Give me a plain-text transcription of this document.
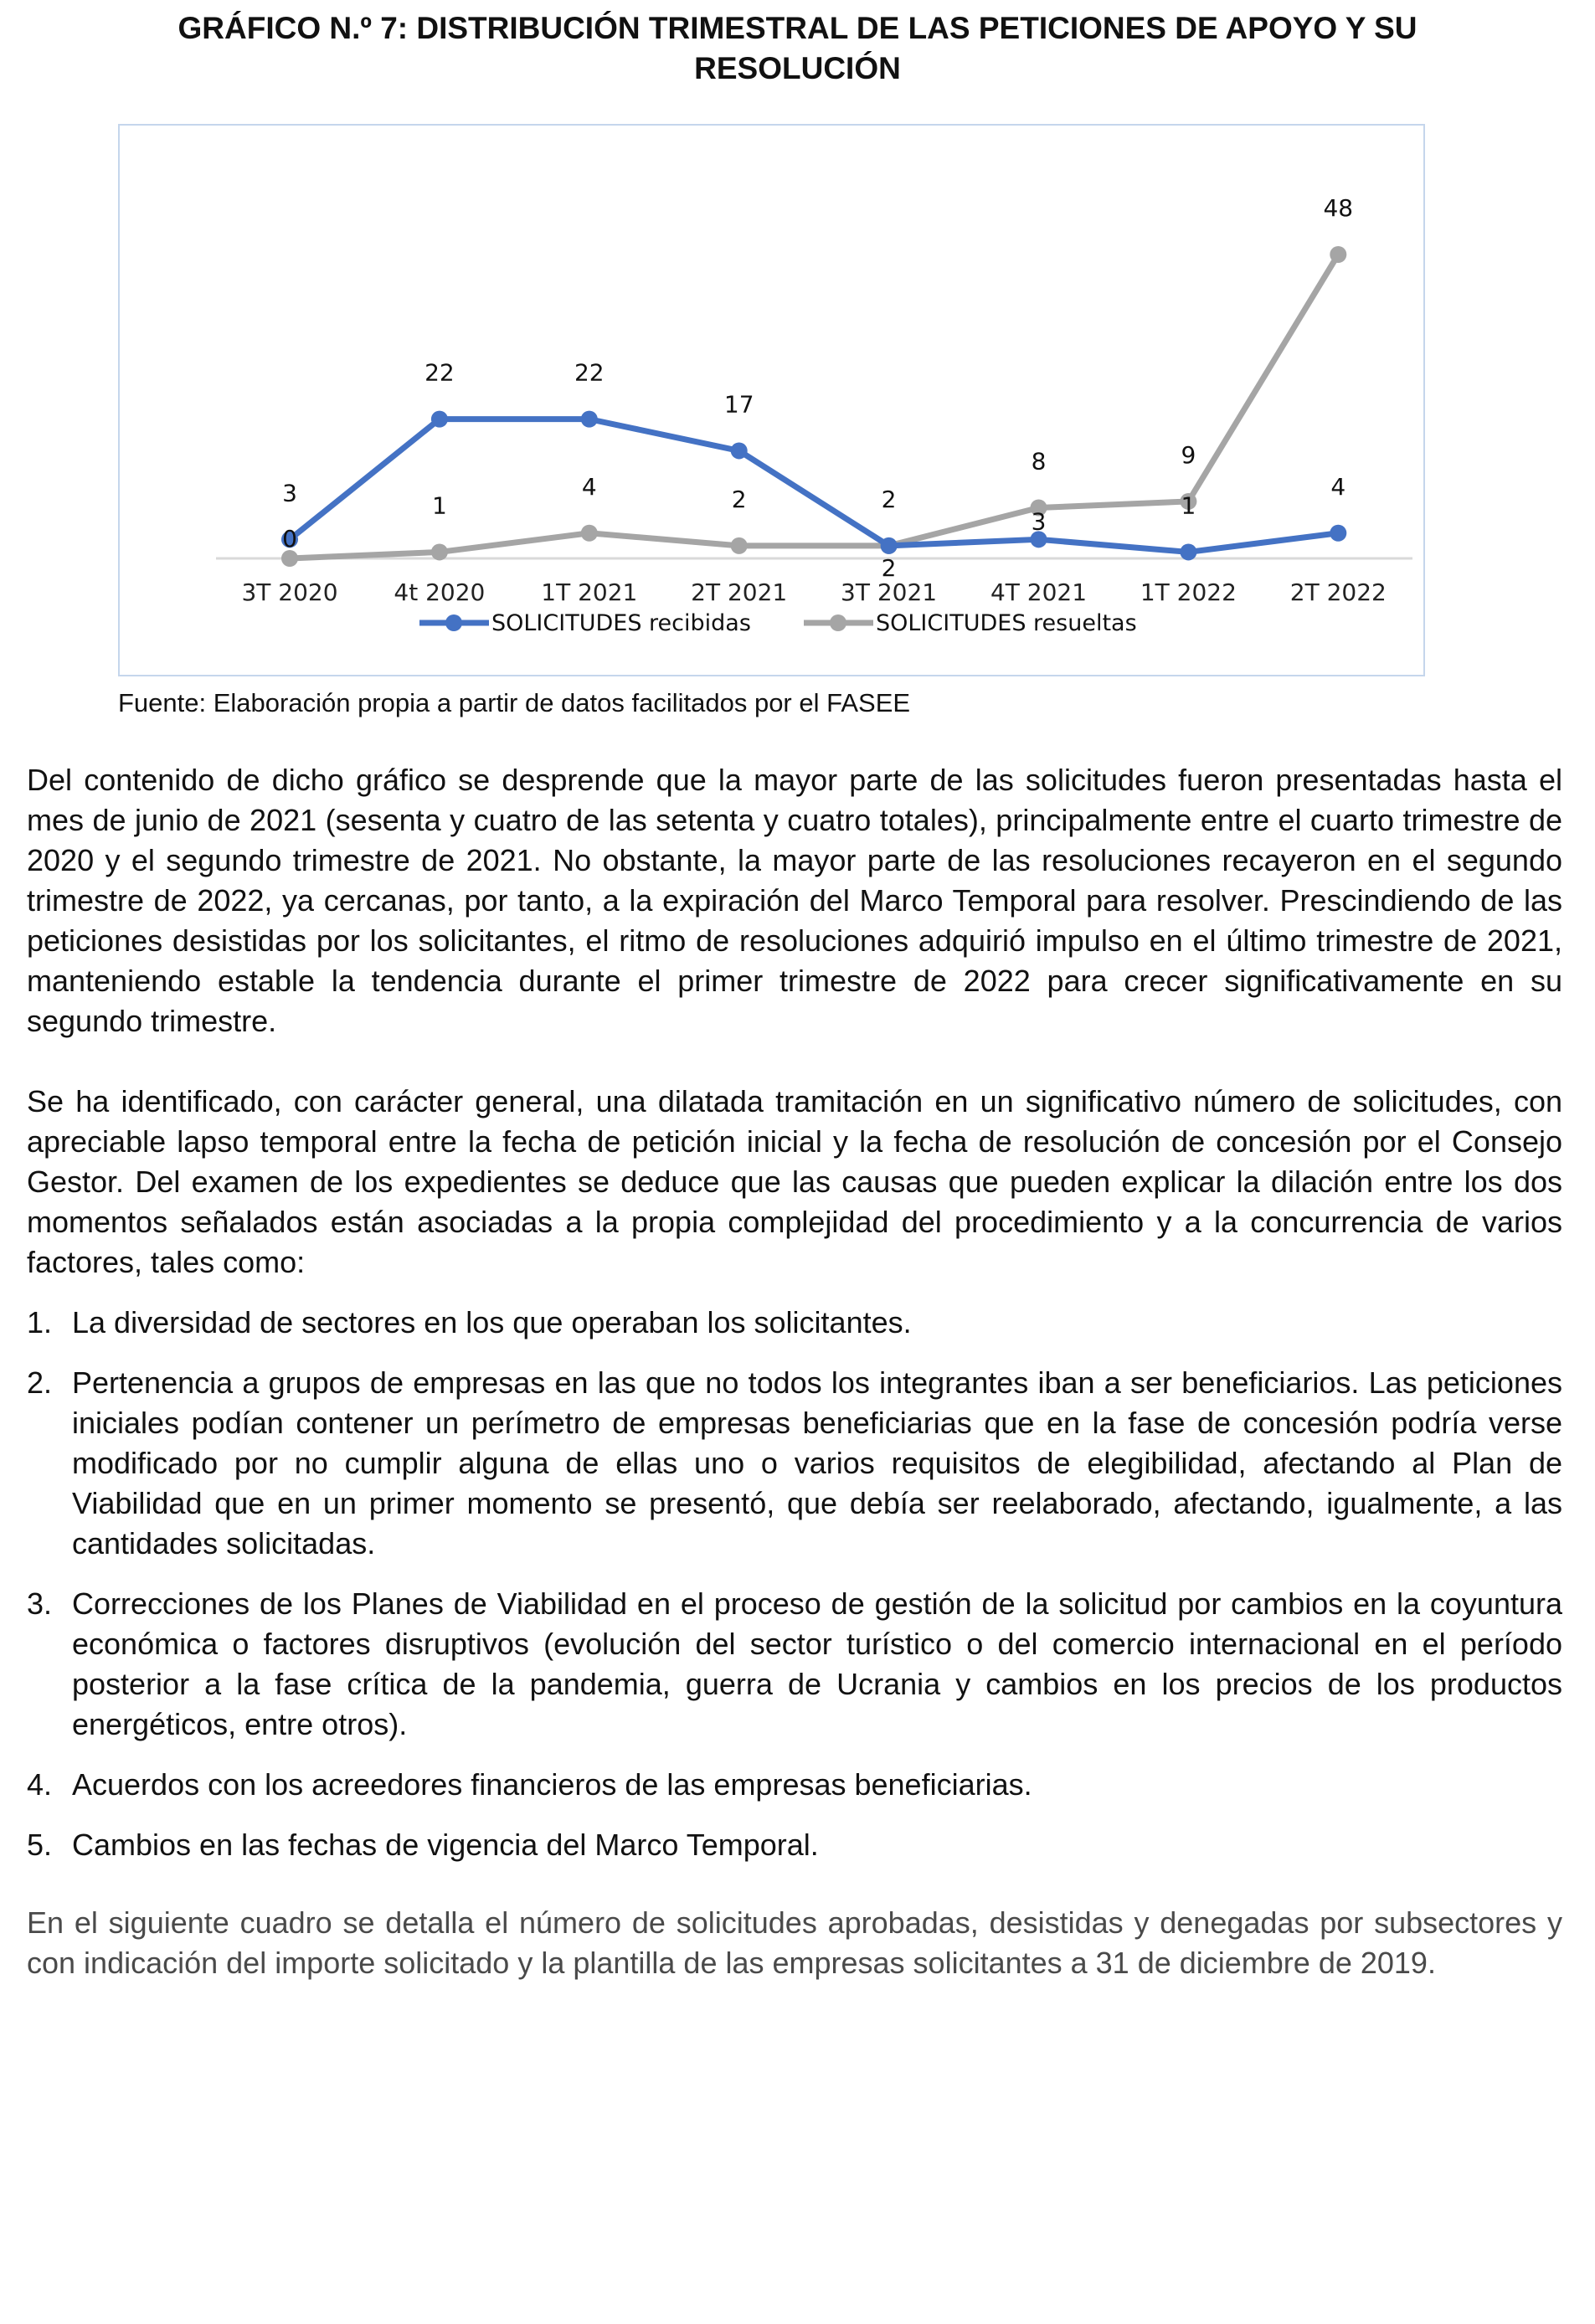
GRÁFICO N.º 7: DISTRIBUCIÓN TRIMESTRAL DE LAS PETICIONES DE APOYO Y SU
RESOLUCIÓN
3T 2020 4t 2020 1T 2021 2T 2021 3T 2021 4T 2021 1T 2022 2T 2022
3
22	22
17
2
3
1
4
0
1
4	2	2
8	9
48
SOLICITUDES recibidas	SOLICITUDES resueltas
Fuente: Elaboración propia a partir de datos facilitados por el FASEE

Del contenido de dicho gráfico se desprende que la mayor parte de las solicitudes fueron presentadas hasta el mes de junio de 2021 (sesenta y cuatro de las setenta y cuatro totales), principalmente entre el cuarto trimestre de 2020 y el segundo trimestre de 2021. No obstante, la mayor parte de las resoluciones recayeron en el segundo trimestre de 2022, ya cercanas, por tanto, a la expiración del Marco Temporal para resolver. Prescindiendo de las peticiones desistidas por los solicitantes, el ritmo de resoluciones adquirió impulso en el último trimestre de 2021, manteniendo estable la tendencia durante el primer trimestre de 2022 para crecer significativamente en su segundo trimestre.

Se ha identificado, con carácter general, una dilatada tramitación en un significativo número de solicitudes, con apreciable lapso temporal entre la fecha de petición inicial y la fecha de resolución de concesión por el Consejo Gestor. Del examen de los expedientes se deduce que las causas que pueden explicar la dilación entre los dos momentos señalados están asociadas a la propia complejidad del procedimiento y a la concurrencia de varios factores, tales como:

1. La diversidad de sectores en los que operaban los solicitantes.
2. Pertenencia a grupos de empresas en las que no todos los integrantes iban a ser beneficiarios. Las peticiones iniciales podían contener un perímetro de empresas beneficiarias que en la fase de concesión podría verse modificado por no cumplir alguna de ellas uno o varios requisitos de elegibilidad, afectando al Plan de Viabilidad que en un primer momento se presentó, que debía ser reelaborado, afectando, igualmente, a las cantidades solicitadas.
3. Correcciones de los Planes de Viabilidad en el proceso de gestión de la solicitud por cambios en la coyuntura económica o factores disruptivos (evolución del sector turístico o del comercio internacional en el período posterior a la fase crítica de la pandemia, guerra de Ucrania y cambios en los precios de los productos energéticos, entre otros).
4. Acuerdos con los acreedores financieros de las empresas beneficiarias.
5. Cambios en las fechas de vigencia del Marco Temporal.

En el siguiente cuadro se detalla el número de solicitudes aprobadas, desistidas y denegadas por subsectores y con indicación del importe solicitado y la plantilla de las empresas solicitantes a 31 de diciembre de 2019.
